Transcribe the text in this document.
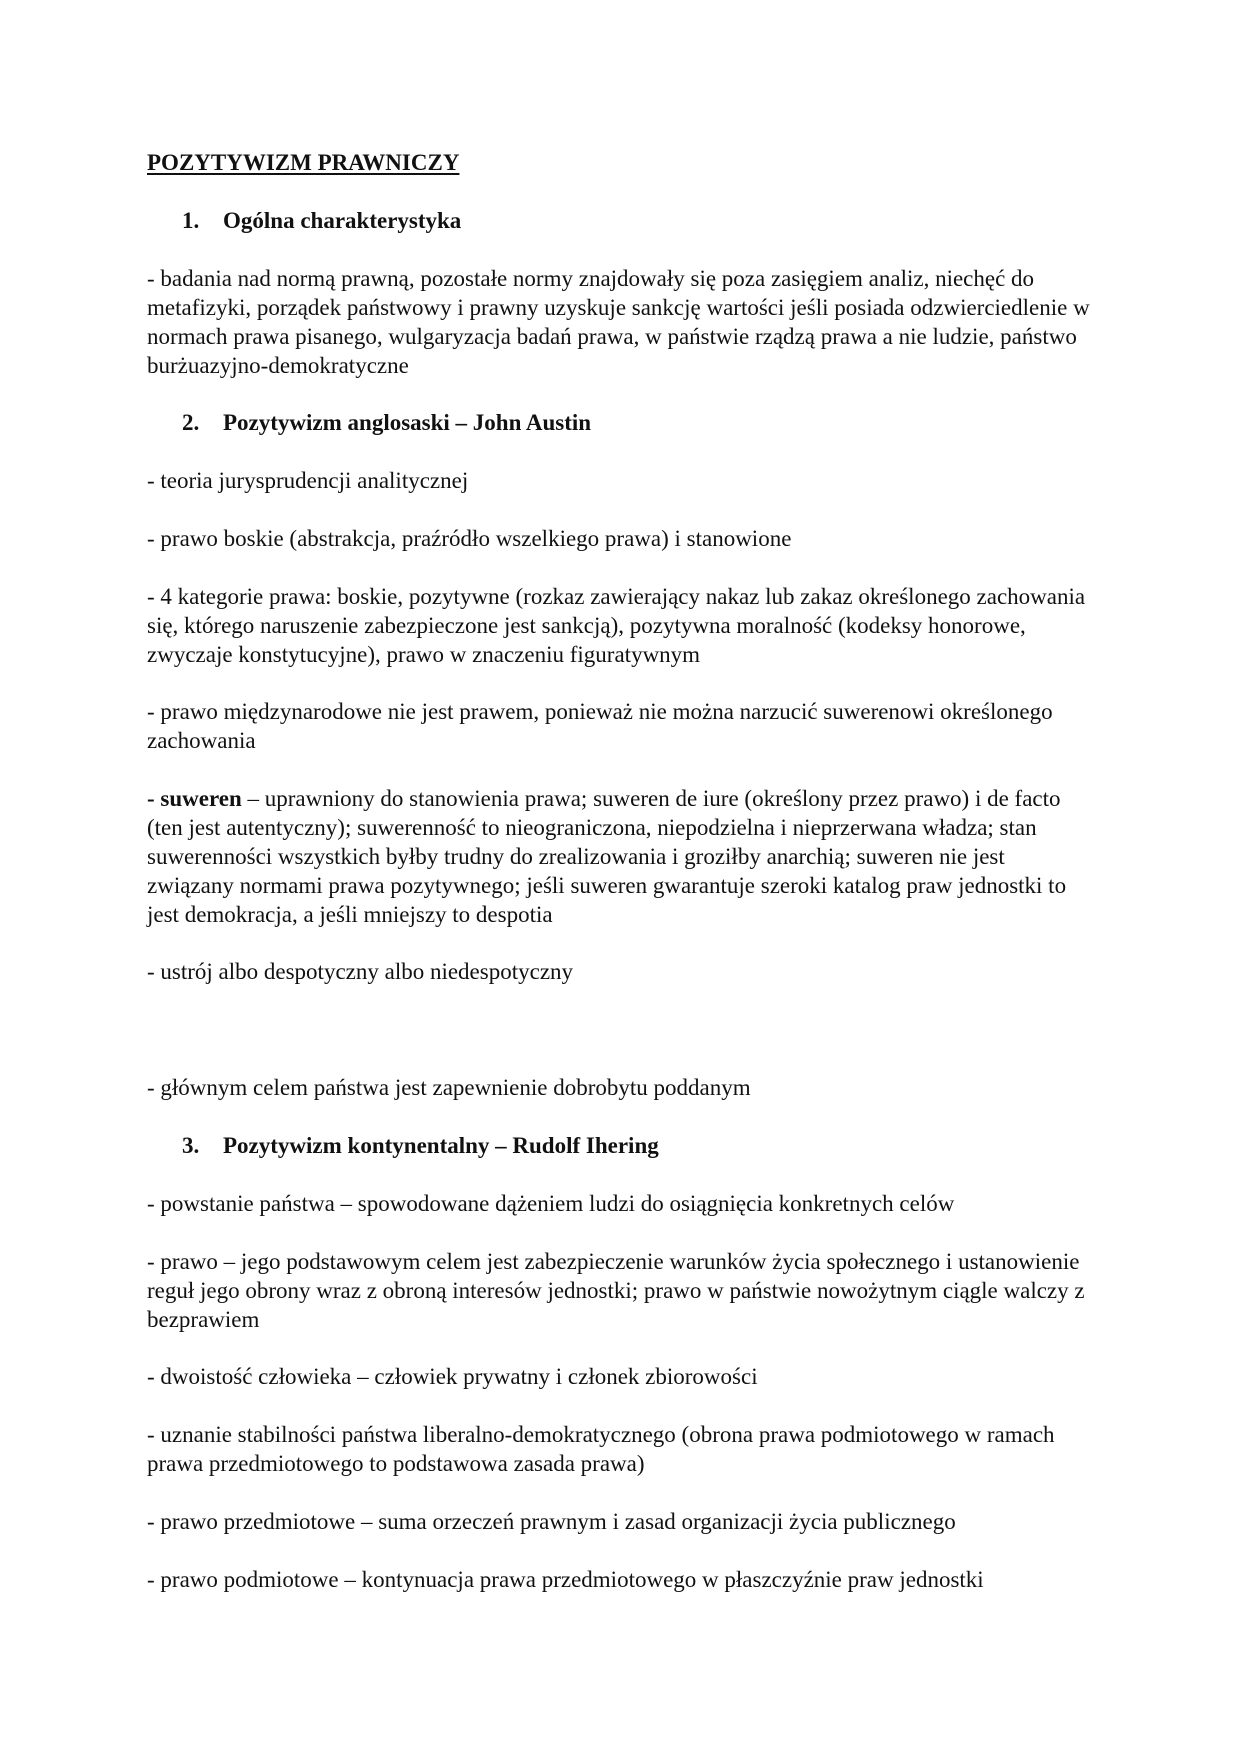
POZYTYWIZM PRAWNICZY
1. Ogólna charakterystyka
- badania nad normą prawną, pozostałe normy znajdowały się poza zasięgiem analiz, niechęć do metafizyki, porządek państwowy i prawny uzyskuje sankcję wartości jeśli posiada odzwierciedlenie w normach prawa pisanego, wulgaryzacja badań prawa, w państwie rządzą prawa a nie ludzie, państwo burżuazyjno-demokratyczne
2. Pozytywizm anglosaski – John Austin
- teoria jurysprudencji analitycznej
- prawo boskie (abstrakcja, praźródło wszelkiego prawa) i stanowione
- 4 kategorie prawa: boskie, pozytywne (rozkaz zawierający nakaz lub zakaz określonego zachowania się, którego naruszenie zabezpieczone jest sankcją), pozytywna moralność (kodeksy honorowe, zwyczaje konstytucyjne), prawo w znaczeniu figuratywnym
- prawo międzynarodowe nie jest prawem, ponieważ nie można narzucić suwerenowi określonego zachowania
- suweren – uprawniony do stanowienia prawa; suweren de iure (określony przez prawo) i de facto (ten jest autentyczny); suwerenność to nieograniczona, niepodzielna i nieprzerwana władza; stan suwerenności wszystkich byłby trudny do zrealizowania i groziłby anarchią; suweren nie jest związany normami prawa pozytywnego; jeśli suweren gwarantuje szeroki katalog praw jednostki to jest demokracja, a jeśli mniejszy to despotia
- ustrój albo despotyczny albo niedespotyczny
- głównym celem państwa jest zapewnienie dobrobytu poddanym
3. Pozytywizm kontynentalny – Rudolf Ihering
- powstanie państwa – spowodowane dążeniem ludzi do osiągnięcia konkretnych celów
- prawo – jego podstawowym celem jest zabezpieczenie warunków życia społecznego i ustanowienie reguł jego obrony wraz z obroną interesów jednostki; prawo w państwie nowożytnym ciągle walczy z bezprawiem
- dwoistość człowieka – człowiek prywatny i członek zbiorowości
- uznanie stabilności państwa liberalno-demokratycznego (obrona prawa podmiotowego w ramach prawa przedmiotowego to podstawowa zasada prawa)
- prawo przedmiotowe – suma orzeczeń prawnym i zasad organizacji życia publicznego
- prawo podmiotowe – kontynuacja prawa przedmiotowego w płaszczyźnie praw jednostki
